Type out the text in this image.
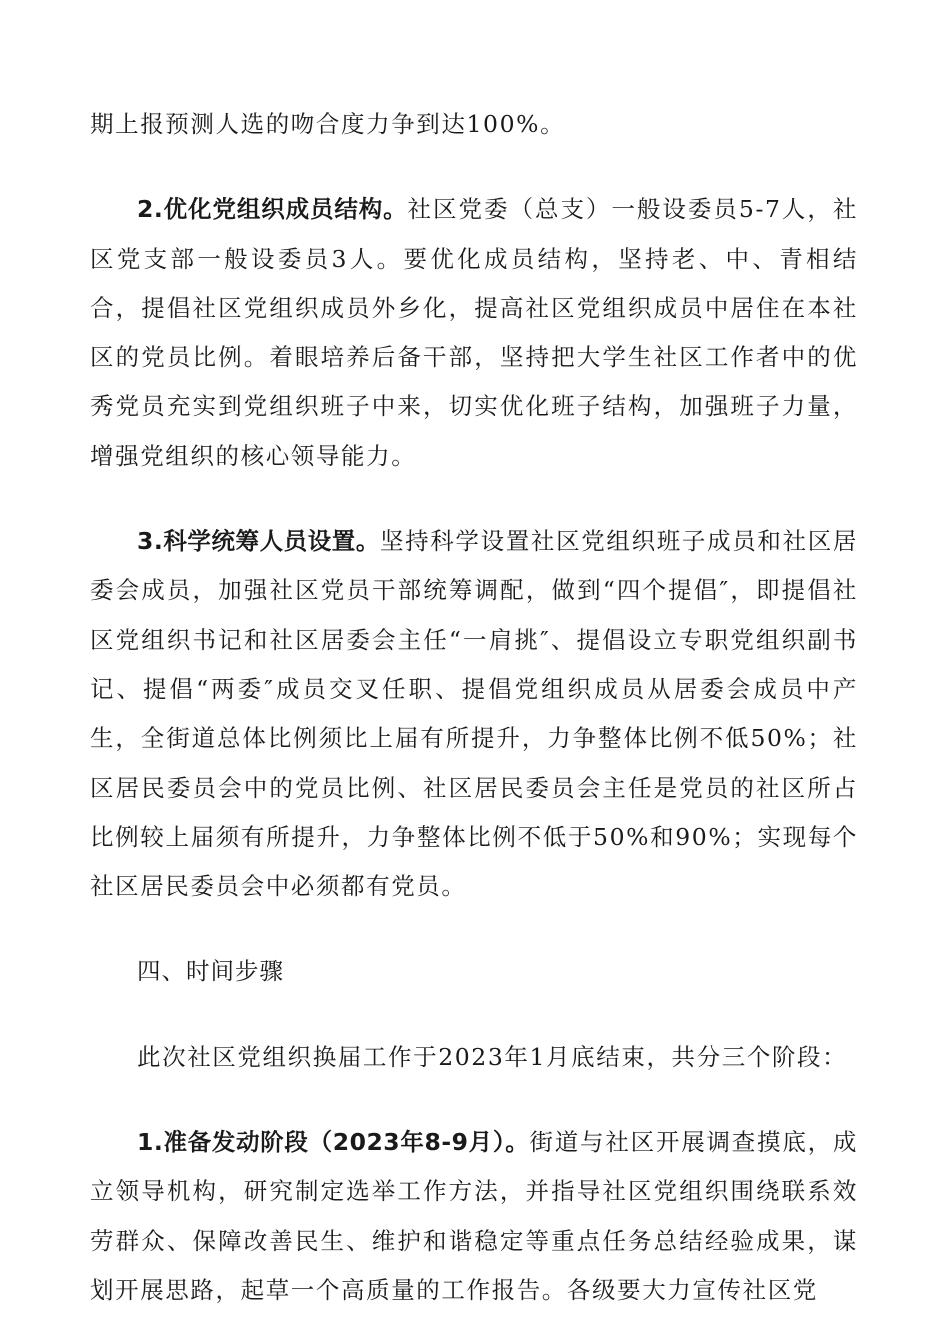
期上报预测人选的吻合度力争到达100%。

2.优化党组织成员结构。社区党委（总支）一般设委员5-7人，社区党支部一般设委员3人。要优化成员结构，坚持老、中、青相结合，提倡社区党组织成员外乡化，提高社区党组织成员中居住在本社区的党员比例。着眼培养后备干部，坚持把大学生社区工作者中的优秀党员充实到党组织班子中来，切实优化班子结构，加强班子力量，增强党组织的核心领导能力。

3.科学统筹人员设置。坚持科学设置社区党组织班子成员和社区居委会成员，加强社区党员干部统筹调配，做到“四个提倡″，即提倡社区党组织书记和社区居委会主任“一肩挑″、提倡设立专职党组织副书记、提倡“两委″成员交叉任职、提倡党组织成员从居委会成员中产生，全街道总体比例须比上届有所提升，力争整体比例不低50%；社区居民委员会中的党员比例、社区居民委员会主任是党员的社区所占比例较上届须有所提升，力争整体比例不低于50%和90%；实现每个社区居民委员会中必须都有党员。

四、时间步骤

此次社区党组织换届工作于2023年1月底结束，共分三个阶段：

1.准备发动阶段（2023年8-9月）。街道与社区开展调查摸底，成立领导机构，研究制定选举工作方法，并指导社区党组织围绕联系效劳群众、保障改善民生、维护和谐稳定等重点任务总结经验成果，谋划开展思路，起草一个高质量的工作报告。各级要大力宣传社区党
